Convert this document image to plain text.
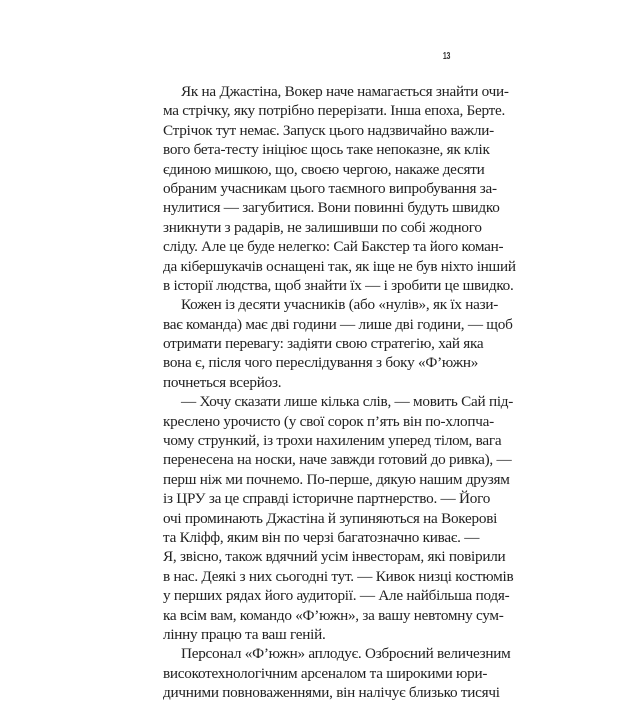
13
Як на Джастіна, Вокер наче намагається знайти очи-
ма стрічку, яку потрібно перерізати. Інша епоха, Берте.
Стрічок тут немає. Запуск цього надзвичайно важли-
вого бета-тесту ініціює щось таке непоказне, як клік
єдиною мишкою, що, своєю чергою, накаже десяти
обраним учасникам цього таємного випробування за-
нулитися — загубитися. Вони повинні будуть швидко
зникнути з радарів, не залишивши по собі жодного
сліду. Але це буде нелегко: Сай Бакстер та його коман-
да кібершукачів оснащені так, як іще не був ніхто інший
в історії людства, щоб знайти їх — і зробити це швидко.
Кожен із десяти учасників (або «нулів», як їх нази-
ває команда) має дві години — лише дві години, — щоб
отримати перевагу: задіяти свою стратегію, хай яка
вона є, після чого переслідування з боку «Ф’южн»
почнеться всерйоз.
— Хочу сказати лише кілька слів, — мовить Сай під-
креслено урочисто (у свої сорок п’ять він по-хлопча-
чому стрункий, із трохи нахиленим уперед тілом, вага
перенесена на носки, наче завжди готовий до ривка), —
перш ніж ми почнемо. По-перше, дякую нашим друзям
із ЦРУ за це справді історичне партнерство. — Його
очі проминають Джастіна й зупиняються на Вокерові
та Кліфф, яким він по черзі багатозначно киває. —
Я, звісно, також вдячний усім інвесторам, які повірили
в нас. Деякі з них сьогодні тут. — Кивок низці костюмів
у перших рядах його аудиторії. — Але найбільша подя-
ка всім вам, командо «Ф’южн», за вашу невтомну сум-
лінну працю та ваш геній.
Персонал «Ф’южн» аплодує. Озброєний величезним
високотехнологічним арсеналом та широкими юри-
дичними повноваженнями, він налічує близько тисячі
